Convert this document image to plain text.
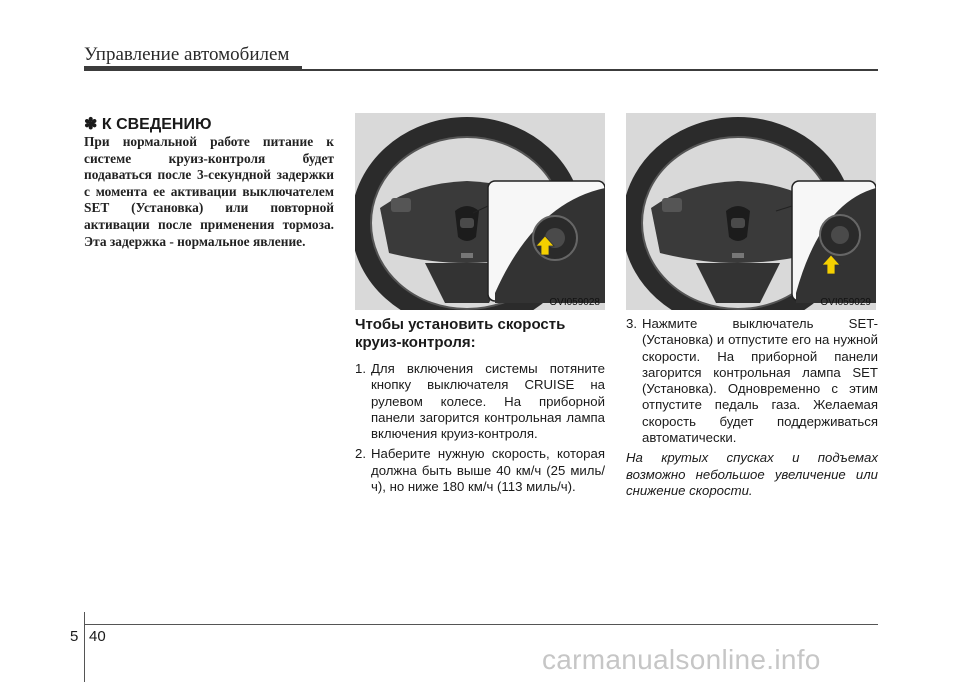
Управление автомобилем
✽ К СВЕДЕНИЮ
При нормальной работе питание к системе круиз-контроля будет подаваться после 3-секундной задержки с момента ее активации выключателем SET (Установка) или повторной активации после применения тормоза. Эта задержка - нормальное явление.
OVI059028	OVI059029
Чтобы установить скорость круиз-контроля:
1. Для включения системы потяните кнопку выключателя CRUISE на рулевом колесе. На приборной панели загорится контрольная лампа включения круиз-контроля.
2. Наберите нужную скорость, которая должна быть выше 40 км/ч (25 миль/ч), но ниже 180 км/ч (113 миль/ч).
3. Нажмите выключатель SET- (Установка) и отпустите его на нужной скорости. На приборной панели загорится контрольная лампа SET (Установка). Одновременно с этим отпустите педаль газа. Желаемая скорость будет поддерживаться автоматически.
На крутых спусках и подъемах возможно небольшое увеличение или снижение скорости.
5 40
carmanualsonline.info
